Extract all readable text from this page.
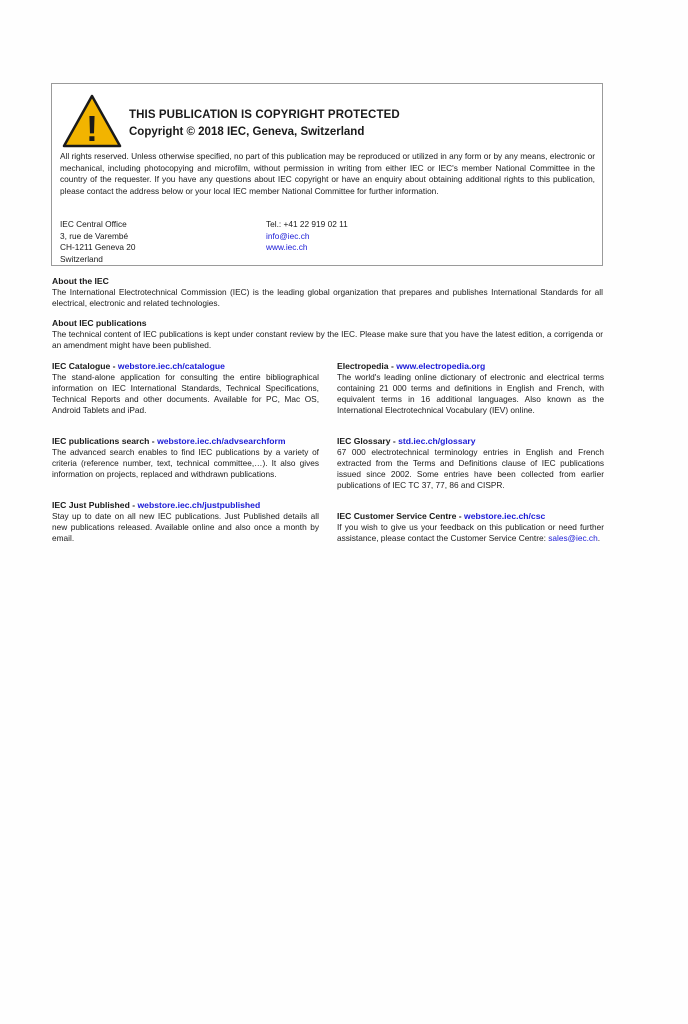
!	THIS PUBLICATION IS COPYRIGHT PROTECTED
Copyright © 2018 IEC, Geneva, Switzerland
All rights reserved. Unless otherwise specified, no part of this publication may be reproduced or utilized in any form or by any means, electronic or mechanical, including photocopying and microfilm, without permission in writing from either IEC or IEC's member National Committee in the country of the requester. If you have any questions about IEC copyright or have an enquiry about obtaining additional rights to this publication, please contact the address below or your local IEC member National Committee for further information.
IEC Central Office
3, rue de Varembé
CH-1211 Geneva 20
Switzerland
Tel.: +41 22 919 02 11
info@iec.ch
www.iec.ch
About the IEC
The International Electrotechnical Commission (IEC) is the leading global organization that prepares and publishes International Standards for all electrical, electronic and related technologies.
About IEC publications
The technical content of IEC publications is kept under constant review by the IEC. Please make sure that you have the latest edition, a corrigenda or an amendment might have been published.
IEC Catalogue - webstore.iec.ch/catalogue
The stand-alone application for consulting the entire bibliographical information on IEC International Standards, Technical Specifications, Technical Reports and other documents. Available for PC, Mac OS, Android Tablets and iPad.
IEC publications search - webstore.iec.ch/advsearchform
The advanced search enables to find IEC publications by a variety of criteria (reference number, text, technical committee,…). It also gives information on projects, replaced and withdrawn publications.
IEC Just Published - webstore.iec.ch/justpublished
Stay up to date on all new IEC publications. Just Published details all new publications released. Available online and also once a month by email.
Electropedia - www.electropedia.org
The world's leading online dictionary of electronic and electrical terms containing 21 000 terms and definitions in English and French, with equivalent terms in 16 additional languages. Also known as the International Electrotechnical Vocabulary (IEV) online.
IEC Glossary - std.iec.ch/glossary
67 000 electrotechnical terminology entries in English and French extracted from the Terms and Definitions clause of IEC publications issued since 2002. Some entries have been collected from earlier publications of IEC TC 37, 77, 86 and CISPR.
IEC Customer Service Centre - webstore.iec.ch/csc
If you wish to give us your feedback on this publication or need further assistance, please contact the Customer Service Centre: sales@iec.ch.
